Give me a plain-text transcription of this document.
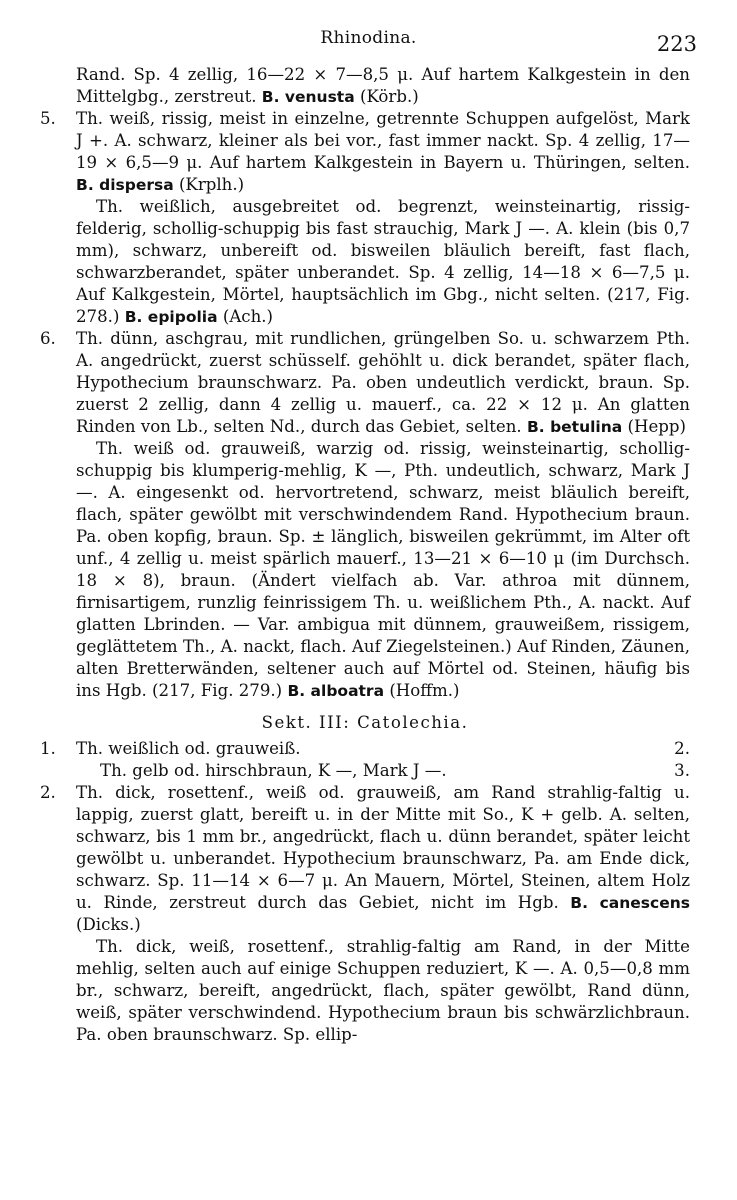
Rhinodina.	223

Rand. Sp. 4 zellig, 16—22 × 7—8,5 μ. Auf hartem Kalkgestein in den Mittelgbg., zerstreut. B. venusta (Körb.)

5.	Th. weiß, rissig, meist in einzelne, getrennte Schuppen aufgelöst, Mark J +. A. schwarz, kleiner als bei vor., fast immer nackt. Sp. 4 zellig, 17—19 × 6,5—9 μ. Auf hartem Kalkgestein in Bayern u. Thüringen, selten. B. dispersa (Krplh.)

Th. weißlich, ausgebreitet od. begrenzt, weinsteinartig, rissig-felderig, schollig-schuppig bis fast strauchig, Mark J —. A. klein (bis 0,7 mm), schwarz, unbereift od. bisweilen bläulich bereift, fast flach, schwarzberandet, später unberandet. Sp. 4 zellig, 14—18 × 6—7,5 μ. Auf Kalkgestein, Mörtel, hauptsächlich im Gbg., nicht selten. (217, Fig. 278.) B. epipolia (Ach.)

6.	Th. dünn, aschgrau, mit rundlichen, grüngelben So. u. schwarzem Pth. A. angedrückt, zuerst schüsself. gehöhlt u. dick berandet, später flach, Hypothecium braunschwarz. Pa. oben undeutlich verdickt, braun. Sp. zuerst 2 zellig, dann 4 zellig u. mauerf., ca. 22 × 12 μ. An glatten Rinden von Lb., selten Nd., durch das Gebiet, selten. B. betulina (Hepp)

Th. weiß od. grauweiß, warzig od. rissig, weinsteinartig, schollig-schuppig bis klumperig-mehlig, K —, Pth. undeutlich, schwarz, Mark J —. A. eingesenkt od. hervortretend, schwarz, meist bläulich bereift, flach, später gewölbt mit verschwindendem Rand. Hypothecium braun. Pa. oben kopfig, braun. Sp. ± länglich, bisweilen gekrümmt, im Alter oft unf., 4 zellig u. meist spärlich mauerf., 13—21 × 6—10 μ (im Durchsch. 18 × 8), braun. (Ändert vielfach ab. Var. athroa mit dünnem, firnisartigem, runzlig feinrissigem Th. u. weißlichem Pth., A. nackt. Auf glatten Lbrinden. — Var. ambigua mit dünnem, grauweißem, rissigem, geglättetem Th., A. nackt, flach. Auf Ziegelsteinen.) Auf Rinden, Zäunen, alten Bretterwänden, seltener auch auf Mörtel od. Steinen, häufig bis ins Hgb. (217, Fig. 279.) B. alboatra (Hoffm.)

Sekt. III: Catolechia.
1.	Th. weißlich od. grauweiß.	2.
Th. gelb od. hirschbraun, K —, Mark J —.	3.

2.	Th. dick, rosettenf., weiß od. grauweiß, am Rand strahlig-faltig u. lappig, zuerst glatt, bereift u. in der Mitte mit So., K + gelb. A. selten, schwarz, bis 1 mm br., angedrückt, flach u. dünn berandet, später leicht gewölbt u. unberandet. Hypothecium braunschwarz, Pa. am Ende dick, schwarz. Sp. 11—14 × 6—7 μ. An Mauern, Mörtel, Steinen, altem Holz u. Rinde, zerstreut durch das Gebiet, nicht im Hgb. B. canescens (Dicks.)

Th. dick, weiß, rosettenf., strahlig-faltig am Rand, in der Mitte mehlig, selten auch auf einige Schuppen reduziert, K —. A. 0,5—0,8 mm br., schwarz, bereift, angedrückt, flach, später gewölbt, Rand dünn, weiß, später verschwindend. Hypothecium braun bis schwärzlichbraun. Pa. oben braunschwarz. Sp. ellip-
